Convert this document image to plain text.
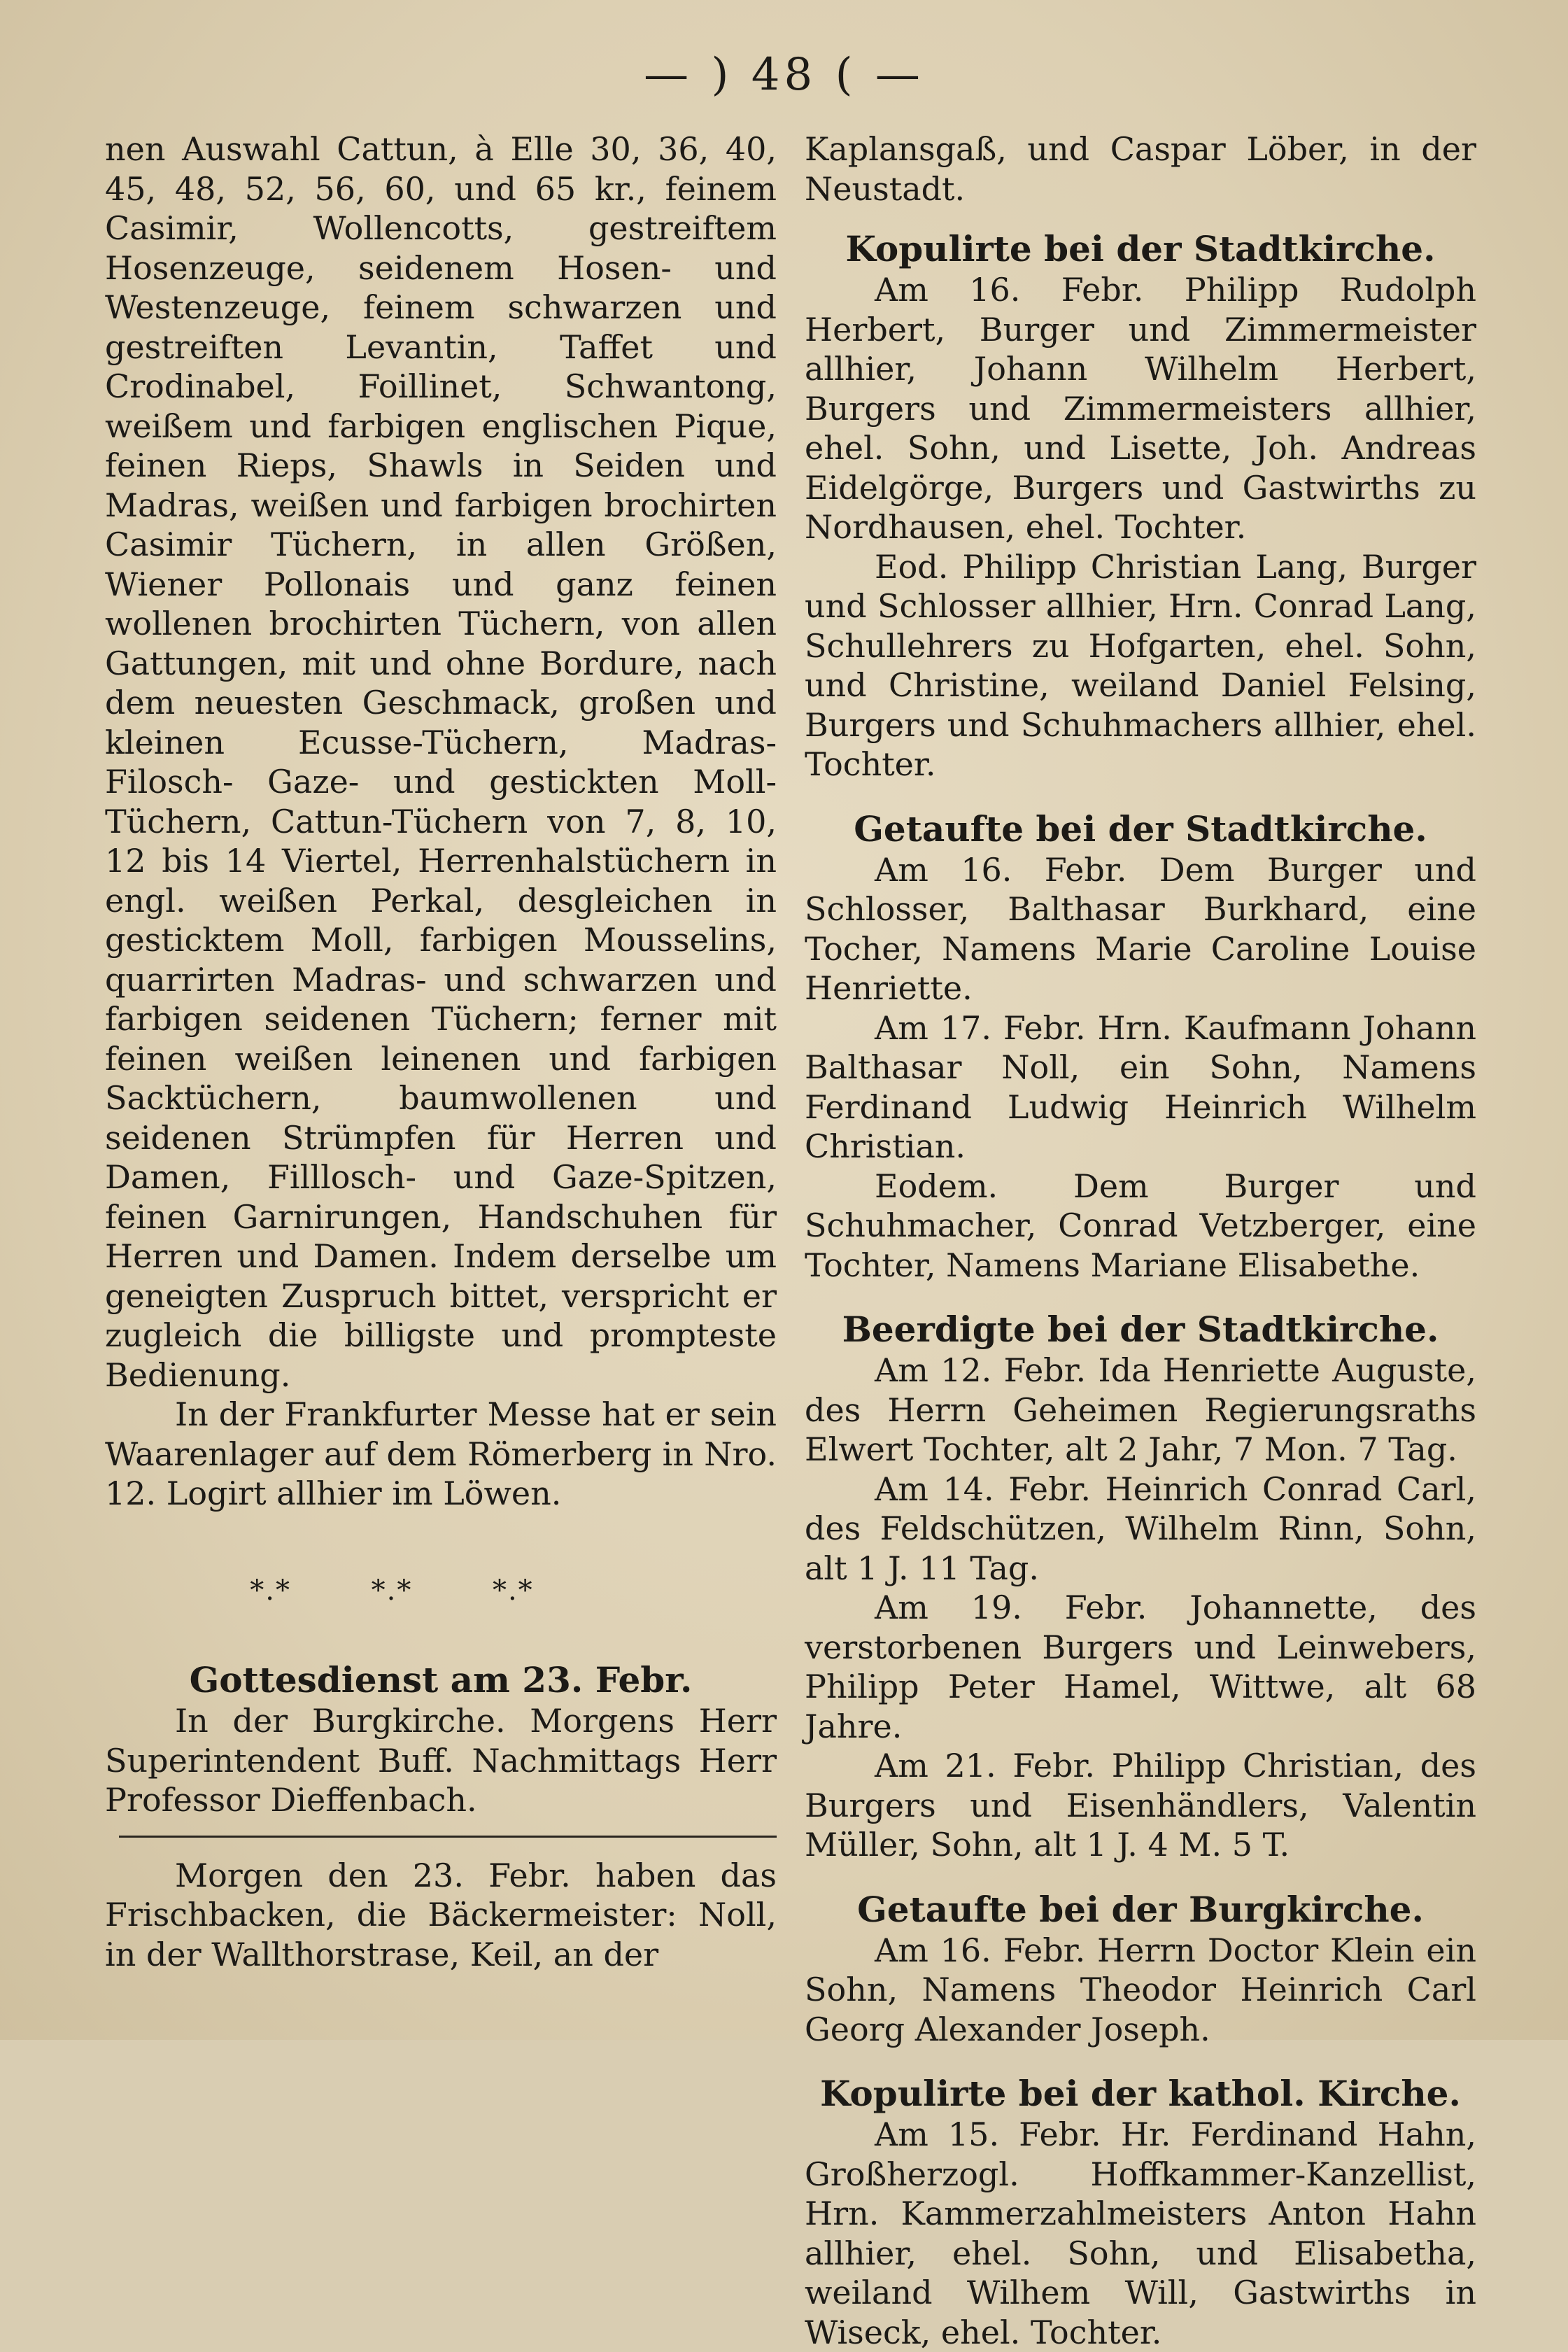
— ) 48 ( —

nen Auswahl Cattun, à Elle 30, 36, 40, 45, 48, 52, 56, 60, und 65 kr., feinem Casimir, Wollencotts, gestreiftem Hosenzeuge, seidenem Hosen- und Westenzeuge, feinem schwarzen und gestreiften Levantin, Taffet und Crodinabel, Foillinet, Schwantong, weißem und farbigen englischen Pique, feinen Rieps, Shawls in Seiden und Madras, weißen und farbigen brochirten Casimir Tüchern, in allen Größen, Wiener Pollonais und ganz feinen wollenen brochirten Tüchern, von allen Gattungen, mit und ohne Bordure, nach dem neuesten Geschmack, großen und kleinen Ecusse-Tüchern, Madras- Filosch- Gaze- und gestickten Moll-Tüchern, Cattun-Tüchern von 7, 8, 10, 12 bis 14 Viertel, Herrenhalstüchern in engl. weißen Perkal, desgleichen in gesticktem Moll, farbigen Mousselins, quarrirten Madras- und schwarzen und farbigen seidenen Tüchern; ferner mit feinen weißen leinenen und farbigen Sacktüchern, baumwollenen und seidenen Strümpfen für Herren und Damen, Filllosch- und Gaze-Spitzen, feinen Garnirungen, Handschuhen für Herren und Damen. Indem derselbe um geneigten Zuspruch bittet, verspricht er zugleich die billigste und prompteste Bedienung.

In der Frankfurter Messe hat er sein Waarenlager auf dem Römerberg in Nro. 12. Logirt allhier im Löwen.

*.*	*.*	*.*
Gottesdienst am 23. Febr.

In der Burgkirche. Morgens Herr Superintendent Buff. Nachmittags Herr Professor Dieffenbach.

Morgen den 23. Febr. haben das Frischbacken, die Bäckermeister: Noll, in der Wallthorstrase, Keil, an der

Kaplansgaß, und Caspar Löber, in der Neustadt.

Kopulirte bei der Stadtkirche.

Am 16. Febr. Philipp Rudolph Herbert, Burger und Zimmermeister allhier, Johann Wilhelm Herbert, Burgers und Zimmermeisters allhier, ehel. Sohn, und Lisette, Joh. Andreas Eidelgörge, Burgers und Gastwirths zu Nordhausen, ehel. Tochter.

Eod. Philipp Christian Lang, Burger und Schlosser allhier, Hrn. Conrad Lang, Schullehrers zu Hofgarten, ehel. Sohn, und Christine, weiland Daniel Felsing, Burgers und Schuhmachers allhier, ehel. Tochter.

Getaufte bei der Stadtkirche.

Am 16. Febr. Dem Burger und Schlosser, Balthasar Burkhard, eine Tocher, Namens Marie Caroline Louise Henriette.

Am 17. Febr. Hrn. Kaufmann Johann Balthasar Noll, ein Sohn, Namens Ferdinand Ludwig Heinrich Wilhelm Christian.

Eodem. Dem Burger und Schuhmacher, Conrad Vetzberger, eine Tochter, Namens Mariane Elisabethe.

Beerdigte bei der Stadtkirche.

Am 12. Febr. Ida Henriette Auguste, des Herrn Geheimen Regierungsraths Elwert Tochter, alt 2 Jahr, 7 Mon. 7 Tag.

Am 14. Febr. Heinrich Conrad Carl, des Feldschützen, Wilhelm Rinn, Sohn, alt 1 J. 11 Tag.

Am 19. Febr. Johannette, des verstorbenen Burgers und Leinwebers, Philipp Peter Hamel, Wittwe, alt 68 Jahre.

Am 21. Febr. Philipp Christian, des Burgers und Eisenhändlers, Valentin Müller, Sohn, alt 1 J. 4 M. 5 T.

Getaufte bei der Burgkirche.

Am 16. Febr. Herrn Doctor Klein ein Sohn, Namens Theodor Heinrich Carl Georg Alexander Joseph.

Kopulirte bei der kathol. Kirche.

Am 15. Febr. Hr. Ferdinand Hahn, Großherzogl. Hoffkammer-Kanzellist, Hrn. Kammerzahlmeisters Anton Hahn allhier, ehel. Sohn, und Elisabetha, weiland Wilhem Will, Gastwirths in Wiseck, ehel. Tochter.
